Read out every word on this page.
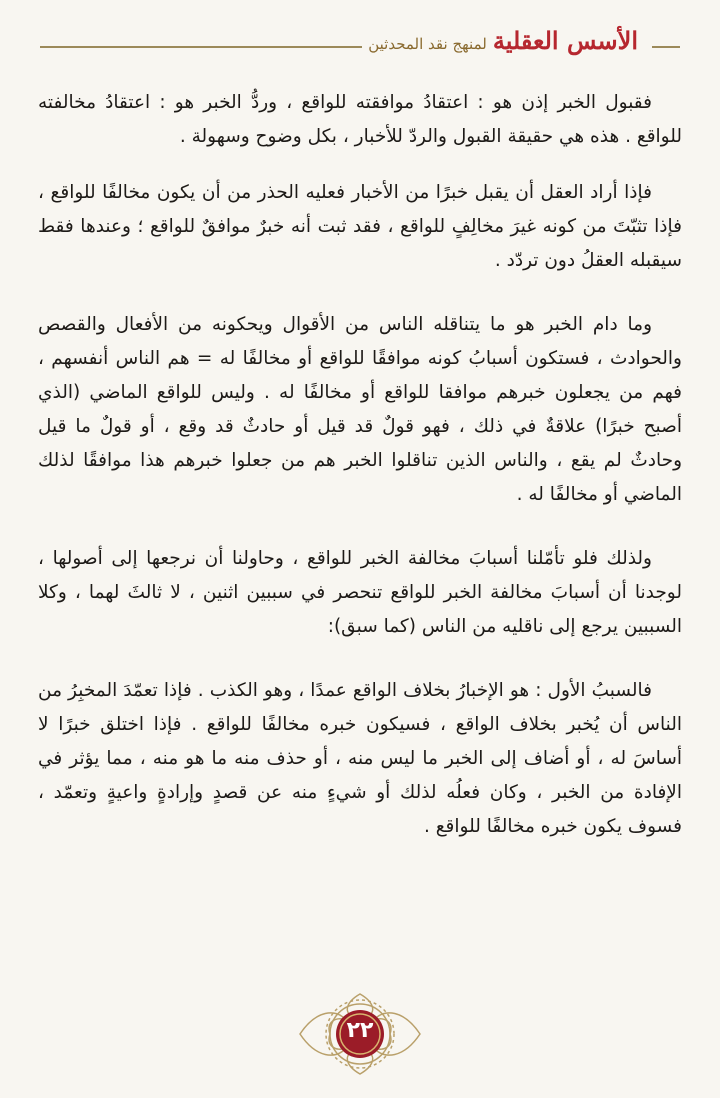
الأسس العقلية
لمنهج نقد المحدثين

فقبول الخبر إذن هو : اعتقادُ موافقته للواقع ، وردُّ الخبر هو : اعتقادُ مخالفته للواقع . هذه هي حقيقة القبول والردّ للأخبار ، بكل وضوح وسهولة .

فإذا أراد العقل أن يقبل خبرًا من الأخبار فعليه الحذر من أن يكون مخالفًا للواقع ، فإذا تثبّتَ من كونه غيرَ مخالِفٍ للواقع ، فقد ثبت أنه خبرٌ موافقٌ للواقع ؛ وعندها فقط سيقبله العقلُ دون تردّد .

وما دام الخبر هو ما يتناقله الناس من الأقوال ويحكونه من الأفعال والقصص والحوادث ، فستكون أسبابُ كونه موافقًا للواقع أو مخالفًا له = هم الناس أنفسهم ، فهم من يجعلون خبرهم موافقا للواقع أو مخالفًا له . وليس للواقع الماضي (الذي أصبح خبرًا) علاقةٌ في ذلك ، فهو قولٌ قد قيل أو حادثٌ قد وقع ، أو قولٌ ما قيل وحادثٌ لم يقع ، والناس الذين تناقلوا الخبر هم من جعلوا خبرهم هذا موافقًا لذلك الماضي أو مخالفًا له .

ولذلك فلو تأمّلنا أسبابَ مخالفة الخبر للواقع ، وحاولنا أن نرجعها إلى أصولها ، لوجدنا أن أسبابَ مخالفة الخبر للواقع تنحصر في سببين اثنين ، لا ثالثَ لهما ، وكلا السببين يرجع إلى ناقليه من الناس (كما سبق):

فالسببُ الأول : هو الإخبارُ بخلاف الواقع عمدًا ، وهو الكذب . فإذا تعمّدَ المخبِرُ من الناس أن يُخبر بخلاف الواقع ، فسيكون خبره مخالفًا للواقع . فإذا اختلق خبرًا لا أساسَ له ، أو أضاف إلى الخبر ما ليس منه ، أو حذف منه ما هو منه ، مما يؤثر في الإفادة من الخبر ، وكان فعلُه لذلك أو شيءٍ منه عن قصدٍ وإرادةٍ واعيةٍ وتعمّد ، فسوف يكون خبره مخالفًا للواقع .

٢٢
